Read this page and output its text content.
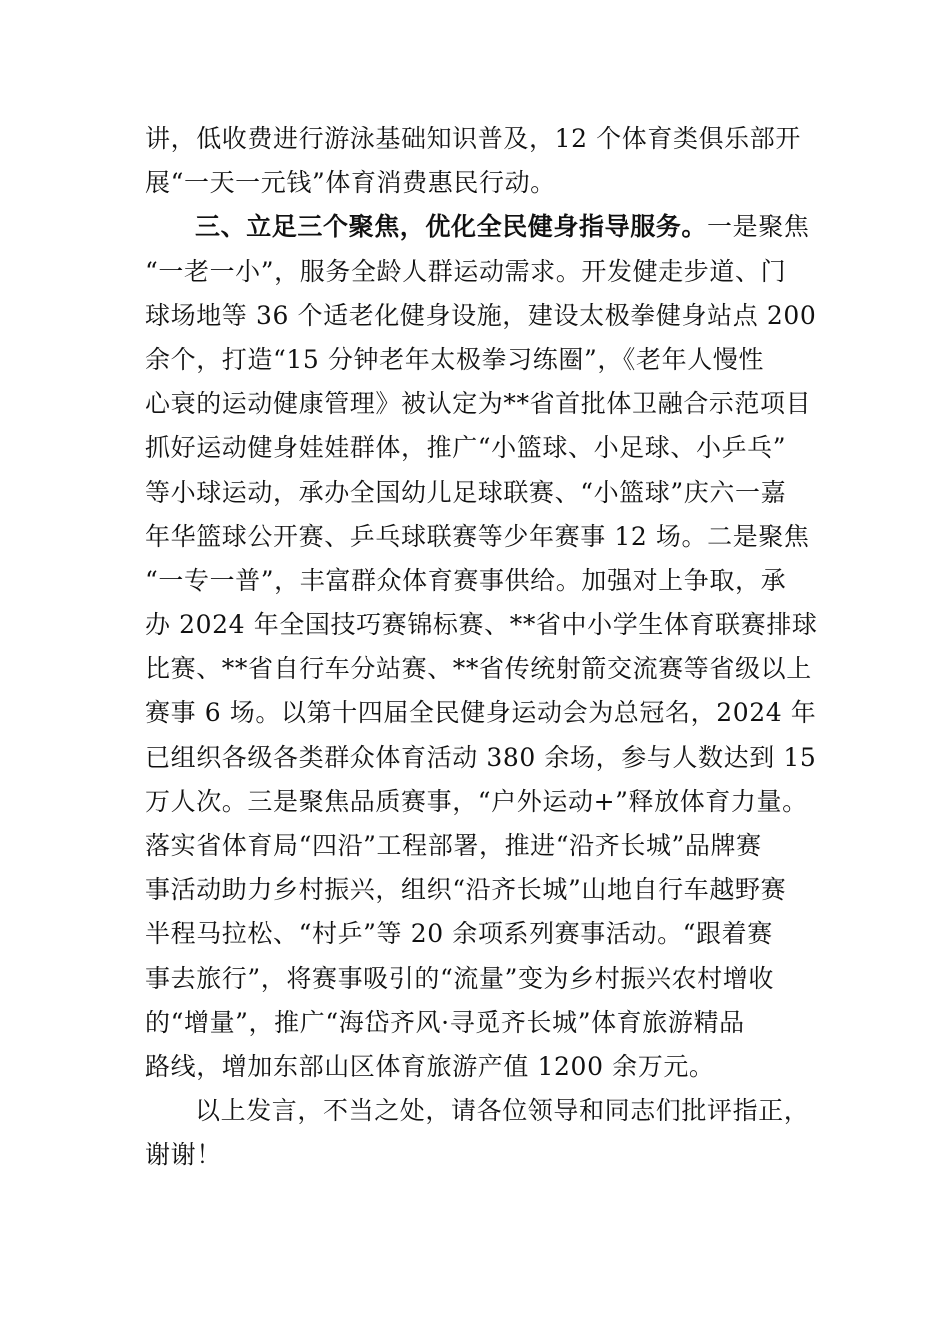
讲，低收费进行游泳基础知识普及，12 个体育类俱乐部开
展“一天一元钱”体育消费惠民行动。
三、立足三个聚焦，优化全民健身指导服务。一是聚焦
“一老一小”，服务全龄人群运动需求。开发健走步道、门
球场地等 36 个适老化健身设施，建设太极拳健身站点 200
余个，打造“15 分钟老年太极拳习练圈”，《老年人慢性
心衰的运动健康管理》被认定为**省首批体卫融合示范项目
抓好运动健身娃娃群体，推广“小篮球、小足球、小乒乓”
等小球运动，承办全国幼儿足球联赛、“小篮球”庆六一嘉
年华篮球公开赛、乒乓球联赛等少年赛事 12 场。二是聚焦
“一专一普”，丰富群众体育赛事供给。加强对上争取，承
办 2024 年全国技巧赛锦标赛、**省中小学生体育联赛排球
比赛、**省自行车分站赛、**省传统射箭交流赛等省级以上
赛事 6 场。以第十四届全民健身运动会为总冠名，2024 年
已组织各级各类群众体育活动 380 余场，参与人数达到 15
万人次。三是聚焦品质赛事，“户外运动+”释放体育力量。
落实省体育局“四沿”工程部署，推进“沿齐长城”品牌赛
事活动助力乡村振兴，组织“沿齐长城”山地自行车越野赛
半程马拉松、“村乒”等 20 余项系列赛事活动。“跟着赛
事去旅行”，将赛事吸引的“流量”变为乡村振兴农村增收
的“增量”，推广“海岱齐风·寻觅齐长城”体育旅游精品
路线，增加东部山区体育旅游产值 1200 余万元。
以上发言，不当之处，请各位领导和同志们批评指正，
谢谢！
